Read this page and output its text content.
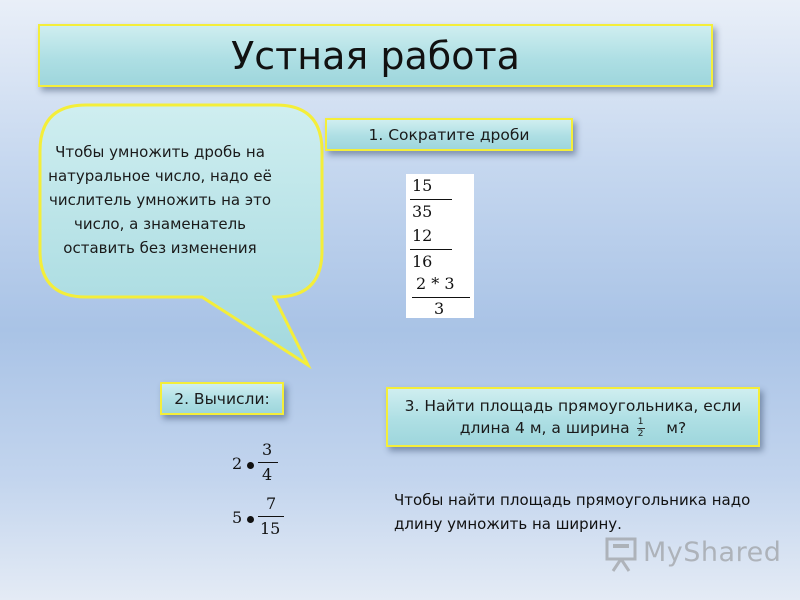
Устная работа
Чтобы умножить дробь на натуральное число, надо её числитель умножить на это число, а знаменатель оставить без изменения
1. Сократите дроби
15
35
12
16
2 * 3
3
2. Вычисли:
2
3
4
5
7
15
3. Найти площадь прямоугольника, если
длина 4 м, а ширина $\frac{1}{2} м$?
Чтобы найти площадь прямоугольника надо длину умножить на ширину.
MyShared
